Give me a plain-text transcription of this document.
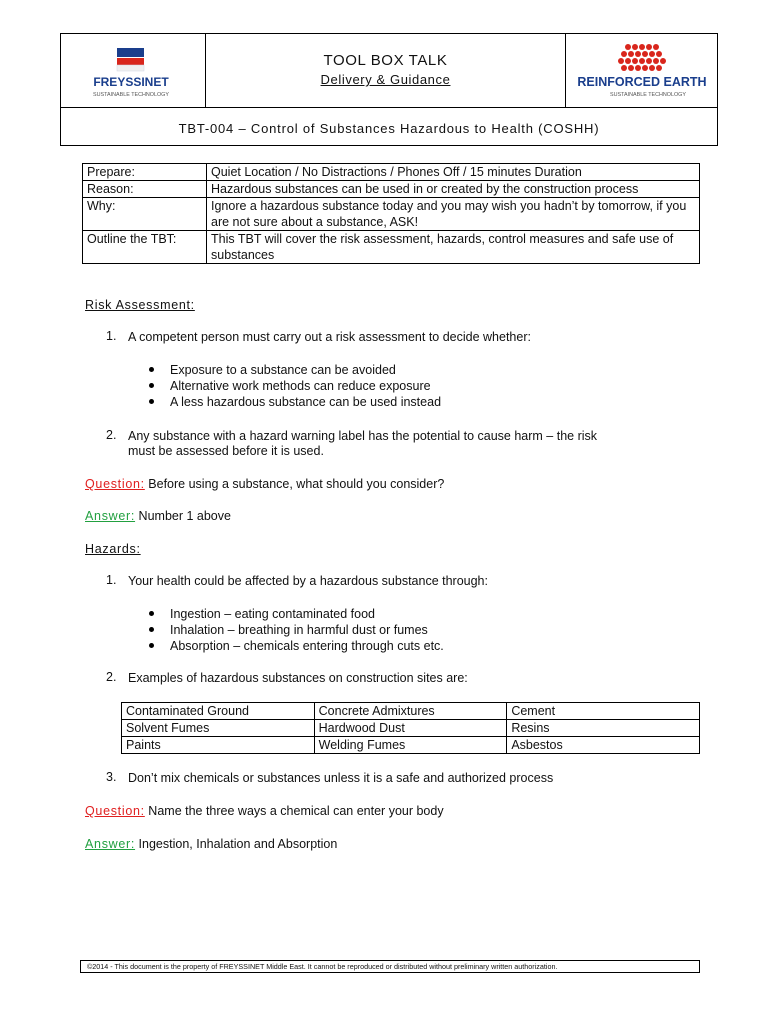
FREYSSINET
SUSTAINABLE TECHNOLOGY
TOOL BOX TALK
Delivery & Guidance	REINFORCED EARTH
SUSTAINABLE TECHNOLOGY
TBT-004 – Control of Substances Hazardous to Health (COSHH)
Prepare:	Quiet Location / No Distractions / Phones Off / 15 minutes Duration
Reason:	Hazardous substances can be used in or created by the construction process
Why:	Ignore a hazardous substance today and you may wish you hadn’t by tomorrow, if you are not sure about a substance, ASK!
Outline the TBT:	This TBT will cover the risk assessment, hazards, control measures and safe use of substances
Risk Assessment:
1. A competent person must carry out a risk assessment to decide whether:
Exposure to a substance can be avoided
Alternative work methods can reduce exposure
A less hazardous substance can be used instead
2. Any substance with a hazard warning label has the potential to cause harm – the risk
must be assessed before it is used.
Question: Before using a substance, what should you consider?
Answer: Number 1 above
Hazards:
1. Your health could be affected by a hazardous substance through:
Ingestion – eating contaminated food
Inhalation – breathing in harmful dust or fumes
Absorption – chemicals entering through cuts etc.
2. Examples of hazardous substances on construction sites are:
Contaminated Ground	Concrete Admixtures	Cement
Solvent Fumes	Hardwood Dust	Resins
Paints	Welding Fumes	Asbestos
3. Don’t mix chemicals or substances unless it is a safe and authorized process
Question: Name the three ways a chemical can enter your body
Answer: Ingestion, Inhalation and Absorption
©2014 - This document is the property of FREYSSINET Middle East. It cannot be reproduced or distributed without preliminary written authorization.
